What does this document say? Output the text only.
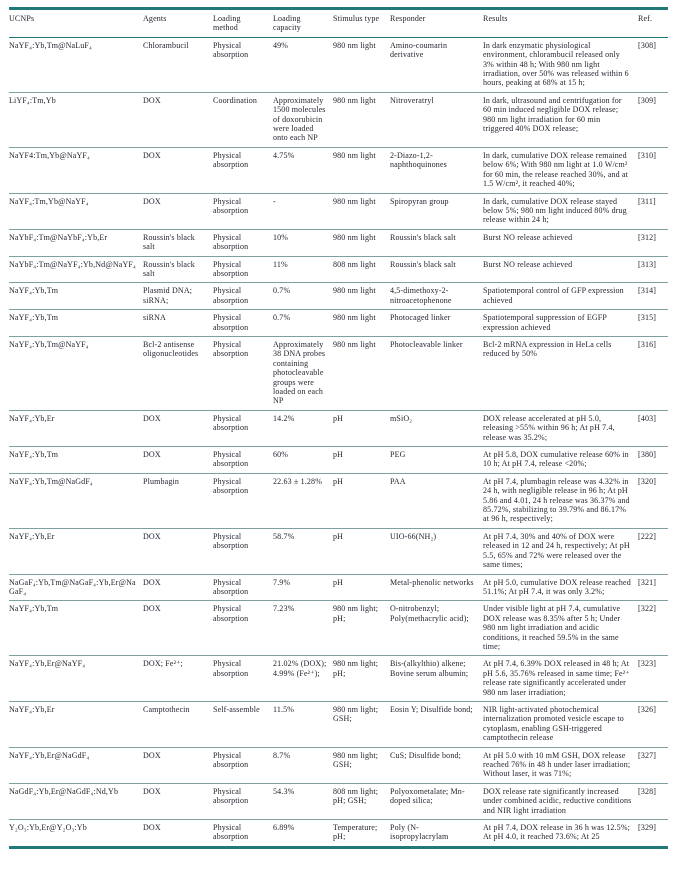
UCNPs	Agents	Loading method	Loading capacity	Stimulus type	Responder	Results	Ref.
NaYF₄:Yb,Tm@NaLuF₄	Chlorambucil	Physical absorption	49%	980 nm light	Amino-coumarin derivative	In dark enzymatic physiological environment, chlorambucil released only 3% within 48 h; With 980 nm light irradiation, over 50% was released within 6 hours, peaking at 68% at 15 h;	[308]
LiYF₄:Tm,Yb	DOX	Coordination	Approximately 1500 molecules of doxorubicin were loaded onto each NP	980 nm light	Nitroveratryl	In dark, ultrasound and centrifugation for 60 min induced negligible DOX release; 980 nm light irradiation for 60 min triggered 40% DOX release;	[309]
NaYF4:Tm,Yb@NaYF₄	DOX	Physical absorption	4.75%	980 nm light	2-Diazo-1,2-naphthoquinones	In dark, cumulative DOX release remained below 6%; With 980 nm light at 1.0 W/cm² for 60 min, the release reached 30%, and at 1.5 W/cm², it reached 40%;	[310]
NaYF₄:Tm,Yb@NaYF₄	DOX	Physical absorption	-	980 nm light	Spiropyran group	In dark, cumulative DOX release stayed below 5%; 980 nm light induced 80% drug release within 24 h;	[311]
NaYbF₄:Tm@NaYbF₄:Yb,Er	Roussin's black salt	Physical absorption	10%	980 nm light	Roussin's black salt	Burst NO release achieved	[312]
NaYbF₄:Tm@NaYF₄:Yb,Nd@NaYF₄	Roussin's black salt	Physical absorption	11%	808 nm light	Roussin's black salt	Burst NO release achieved	[313]
NaYF₄:Yb,Tm	Plasmid DNA; siRNA;	Physical absorption	0.7%	980 nm light	4,5-dimethoxy-2-nitroacetophenone	Spatiotemporal control of GFP expression achieved	[314]
NaYF₄:Yb,Tm	siRNA	Physical absorption	0.7%	980 nm light	Photocaged linker	Spatiotemporal suppression of EGFP expression achieved	[315]
NaYF₄:Yb,Tm@NaYF₄	Bcl-2 antisense oligonucleotides	Physical absorption	Approximately 38 DNA probes containing photocleavable groups were loaded on each NP	980 nm light	Photocleavable linker	Bcl-2 mRNA expression in HeLa cells reduced by 50%	[316]
NaYF₄:Yb,Er	DOX	Physical absorption	14.2%	pH	mSiO₂	DOX release accelerated at pH 5.0, releasing >55% within 96 h; At pH 7.4, release was 35.2%;	[403]
NaYF₄:Yb,Tm	DOX	Physical absorption	60%	pH	PEG	At pH 5.8, DOX cumulative release 60% in 10 h; At pH 7.4, release <20%;	[380]
NaYF₄:Yb,Tm@NaGdF₄	Plumbagin	Physical absorption	22.63 ± 1.28%	pH	PAA	At pH 7.4, plumbagin release was 4.32% in 24 h, with negligible release in 96 h; At pH 5.86 and 4.01, 24 h release was 36.37% and 85.72%, stabilizing to 39.79% and 86.17% at 96 h, respectively;	[320]
NaYF₄:Yb,Er	DOX	Physical absorption	58.7%	pH	UIO-66(NH₂)	At pH 7.4, 30% and 40% of DOX were released in 12 and 24 h, respectively; At pH 5.5, 65% and 72% were released over the same times;	[222]
NaGaF₄:Yb,Tm@NaGaF₄:Yb,Er@NaGaF₄	DOX	Physical absorption	7.9%	pH	Metal-phenolic networks	At pH 5.0, cumulative DOX release reached 51.1%; At pH 7.4, it was only 3.2%;	[321]
NaYF₄:Yb,Tm	DOX	Physical absorption	7.23%	980 nm light; pH;	O-nitrobenzyl; Poly(methacrylic acid);	Under visible light at pH 7.4, cumulative DOX release was 8.35% after 5 h; Under 980 nm light irradiation and acidic conditions, it reached 59.5% in the same time;	[322]
NaYF₄:Yb,Er@NaYF₄	DOX; Fe²⁺;	Physical absorption	21.02% (DOX); 4.99% (Fe²⁺);	980 nm light; pH;	Bis-(alkylthio) alkene; Bovine serum albumin;	At pH 7.4, 6.39% DOX released in 48 h; At pH 5.6, 35.76% released in same time; Fe²⁺ release rate significantly accelerated under 980 nm laser irradiation;	[323]
NaYF₄:Yb,Er	Camptothecin	Self-assemble	11.5%	980 nm light; GSH;	Eosin Y; Disulfide bond;	NIR light-activated photochemical internalization promoted vesicle escape to cytoplasm, enabling GSH-triggered camptothecin release	[326]
NaYF₄:Yb,Er@NaGdF₄	DOX	Physical absorption	8.7%	980 nm light; GSH;	CuS; Disulfide bond;	At pH 5.0 with 10 mM GSH, DOX release reached 76% in 48 h under laser irradiation; Without laser, it was 71%;	[327]
NaGdF₄:Yb,Er@NaGdF₄:Nd,Yb	DOX	Physical absorption	54.3%	808 nm light; pH; GSH;	Polyoxometalate; Mn-doped silica;	DOX release rate significantly increased under combined acidic, reductive conditions and NIR light irradiation	[328]
Y₂O₃:Yb,Er@Y₂O₃:Yb	DOX	Physical absorption	6.89%	Temperature; pH;	Poly (N-isopropylacrylam	At pH 7.4, DOX release in 36 h was 12.5%; At pH 4.0, it reached 73.6%; At 25	[329]
